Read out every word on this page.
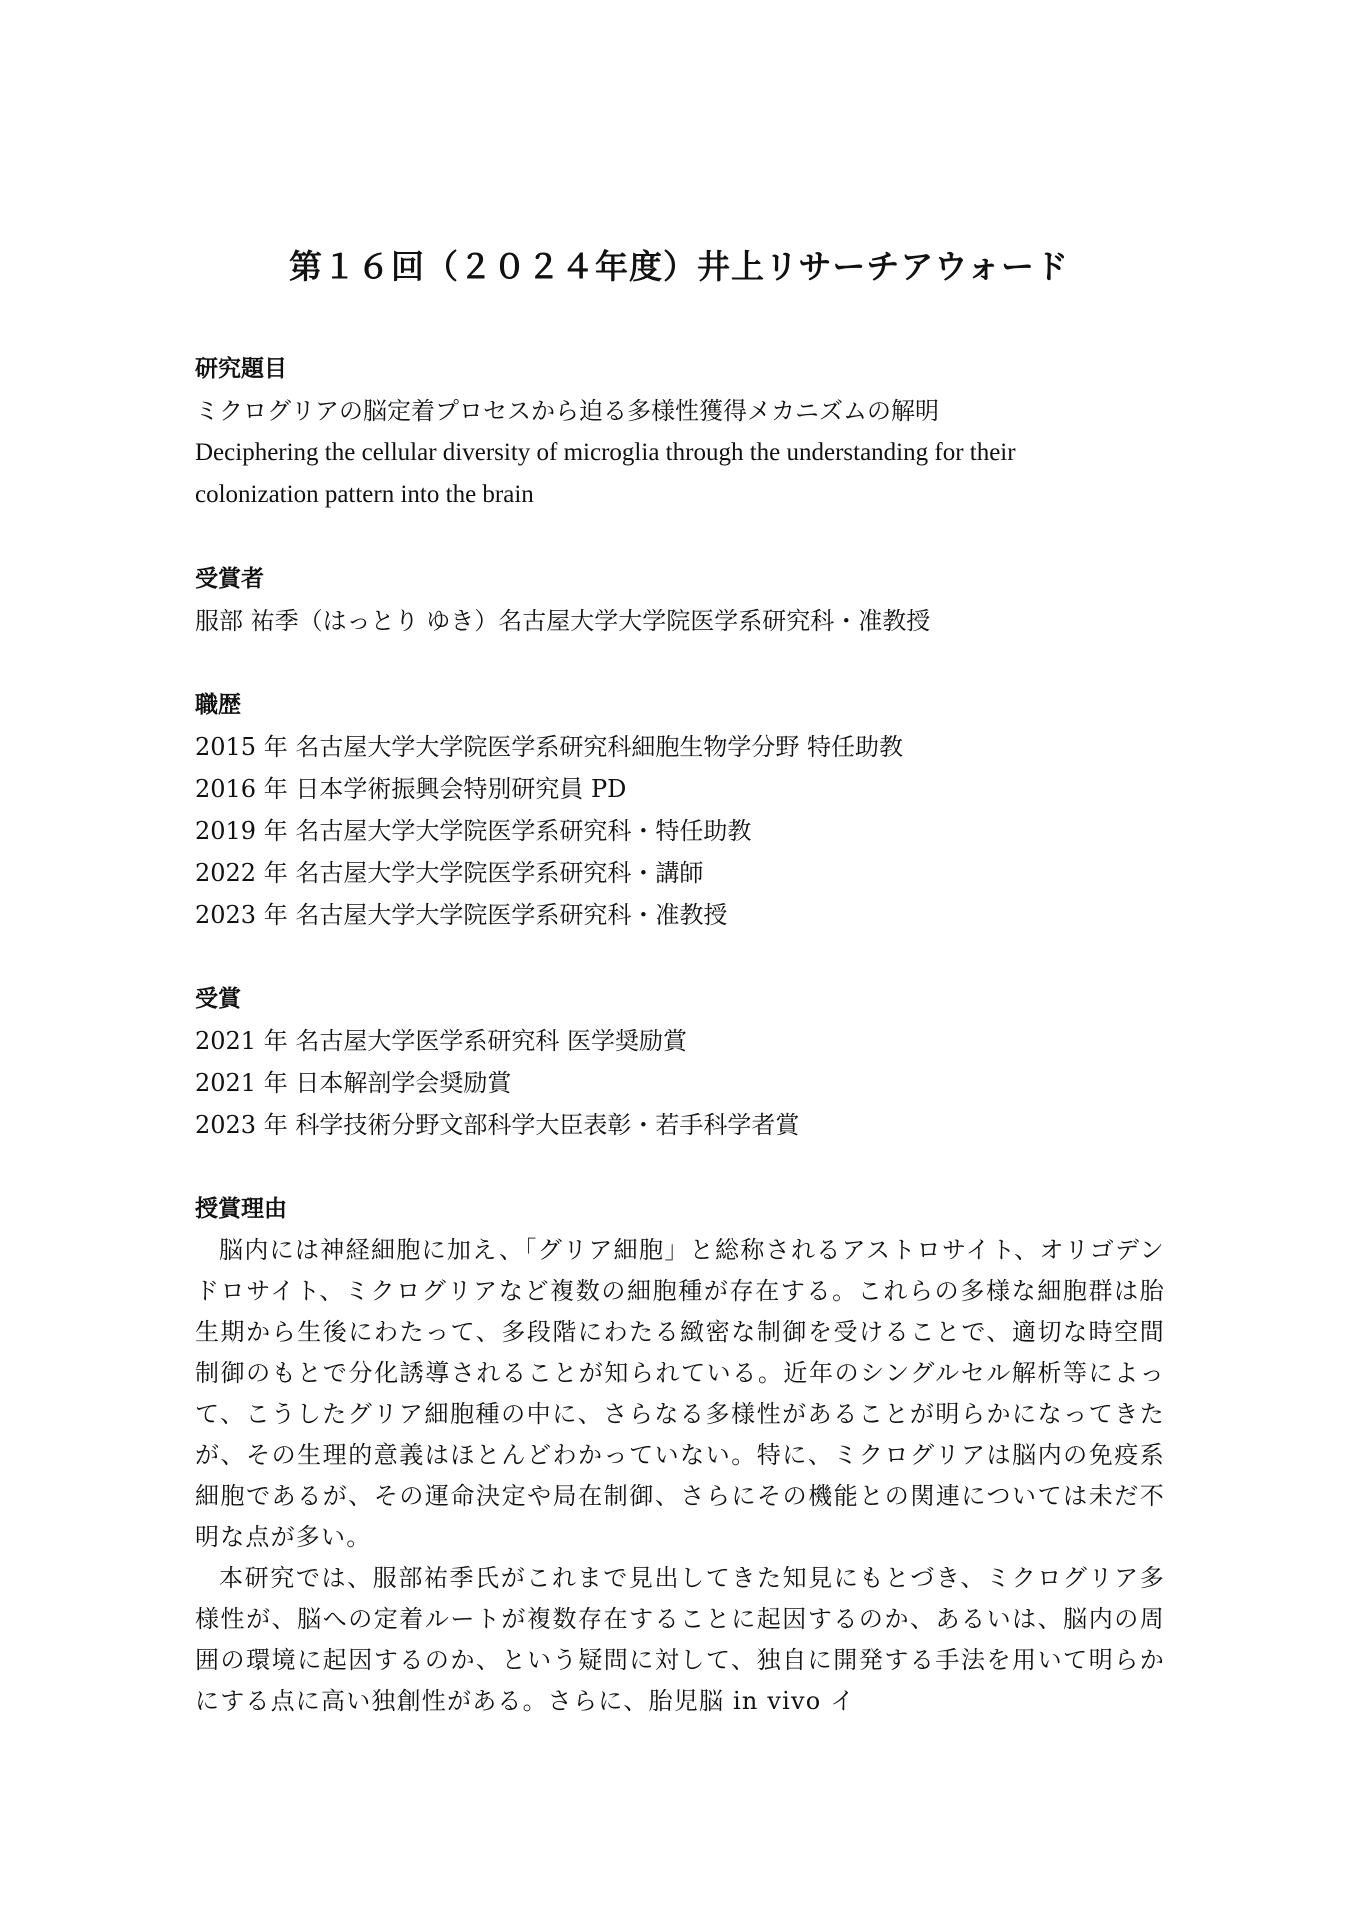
第１６回（２０２４年度）井上リサーチアウォード
研究題目
ミクログリアの脳定着プロセスから迫る多様性獲得メカニズムの解明
Deciphering the cellular diversity of microglia through the understanding for their
colonization pattern into the brain
受賞者
服部 祐季（はっとり ゆき）名古屋大学大学院医学系研究科・准教授
職歴
2015 年 名古屋大学大学院医学系研究科細胞生物学分野 特任助教
2016 年 日本学術振興会特別研究員 PD
2019 年 名古屋大学大学院医学系研究科・特任助教
2022 年 名古屋大学大学院医学系研究科・講師
2023 年 名古屋大学大学院医学系研究科・准教授
受賞
2021 年 名古屋大学医学系研究科 医学奨励賞
2021 年 日本解剖学会奨励賞
2023 年 科学技術分野文部科学大臣表彰・若手科学者賞
授賞理由

脳内には神経細胞に加え、「グリア細胞」と総称されるアストロサイト、オリゴデンドロサイト、ミクログリアなど複数の細胞種が存在する。これらの多様な細胞群は胎生期から生後にわたって、多段階にわたる緻密な制御を受けることで、適切な時空間制御のもとで分化誘導されることが知られている。近年のシングルセル解析等によって、こうしたグリア細胞種の中に、さらなる多様性があることが明らかになってきたが、その生理的意義はほとんどわかっていない。特に、ミクログリアは脳内の免疫系細胞であるが、その運命決定や局在制御、さらにその機能との関連については未だ不明な点が多い。

本研究では、服部祐季氏がこれまで見出してきた知見にもとづき、ミクログリア多様性が、脳への定着ルートが複数存在することに起因するのか、あるいは、脳内の周囲の環境に起因するのか、という疑問に対して、独自に開発する手法を用いて明らかにする点に高い独創性がある。さらに、胎児脳 in vivo イ
